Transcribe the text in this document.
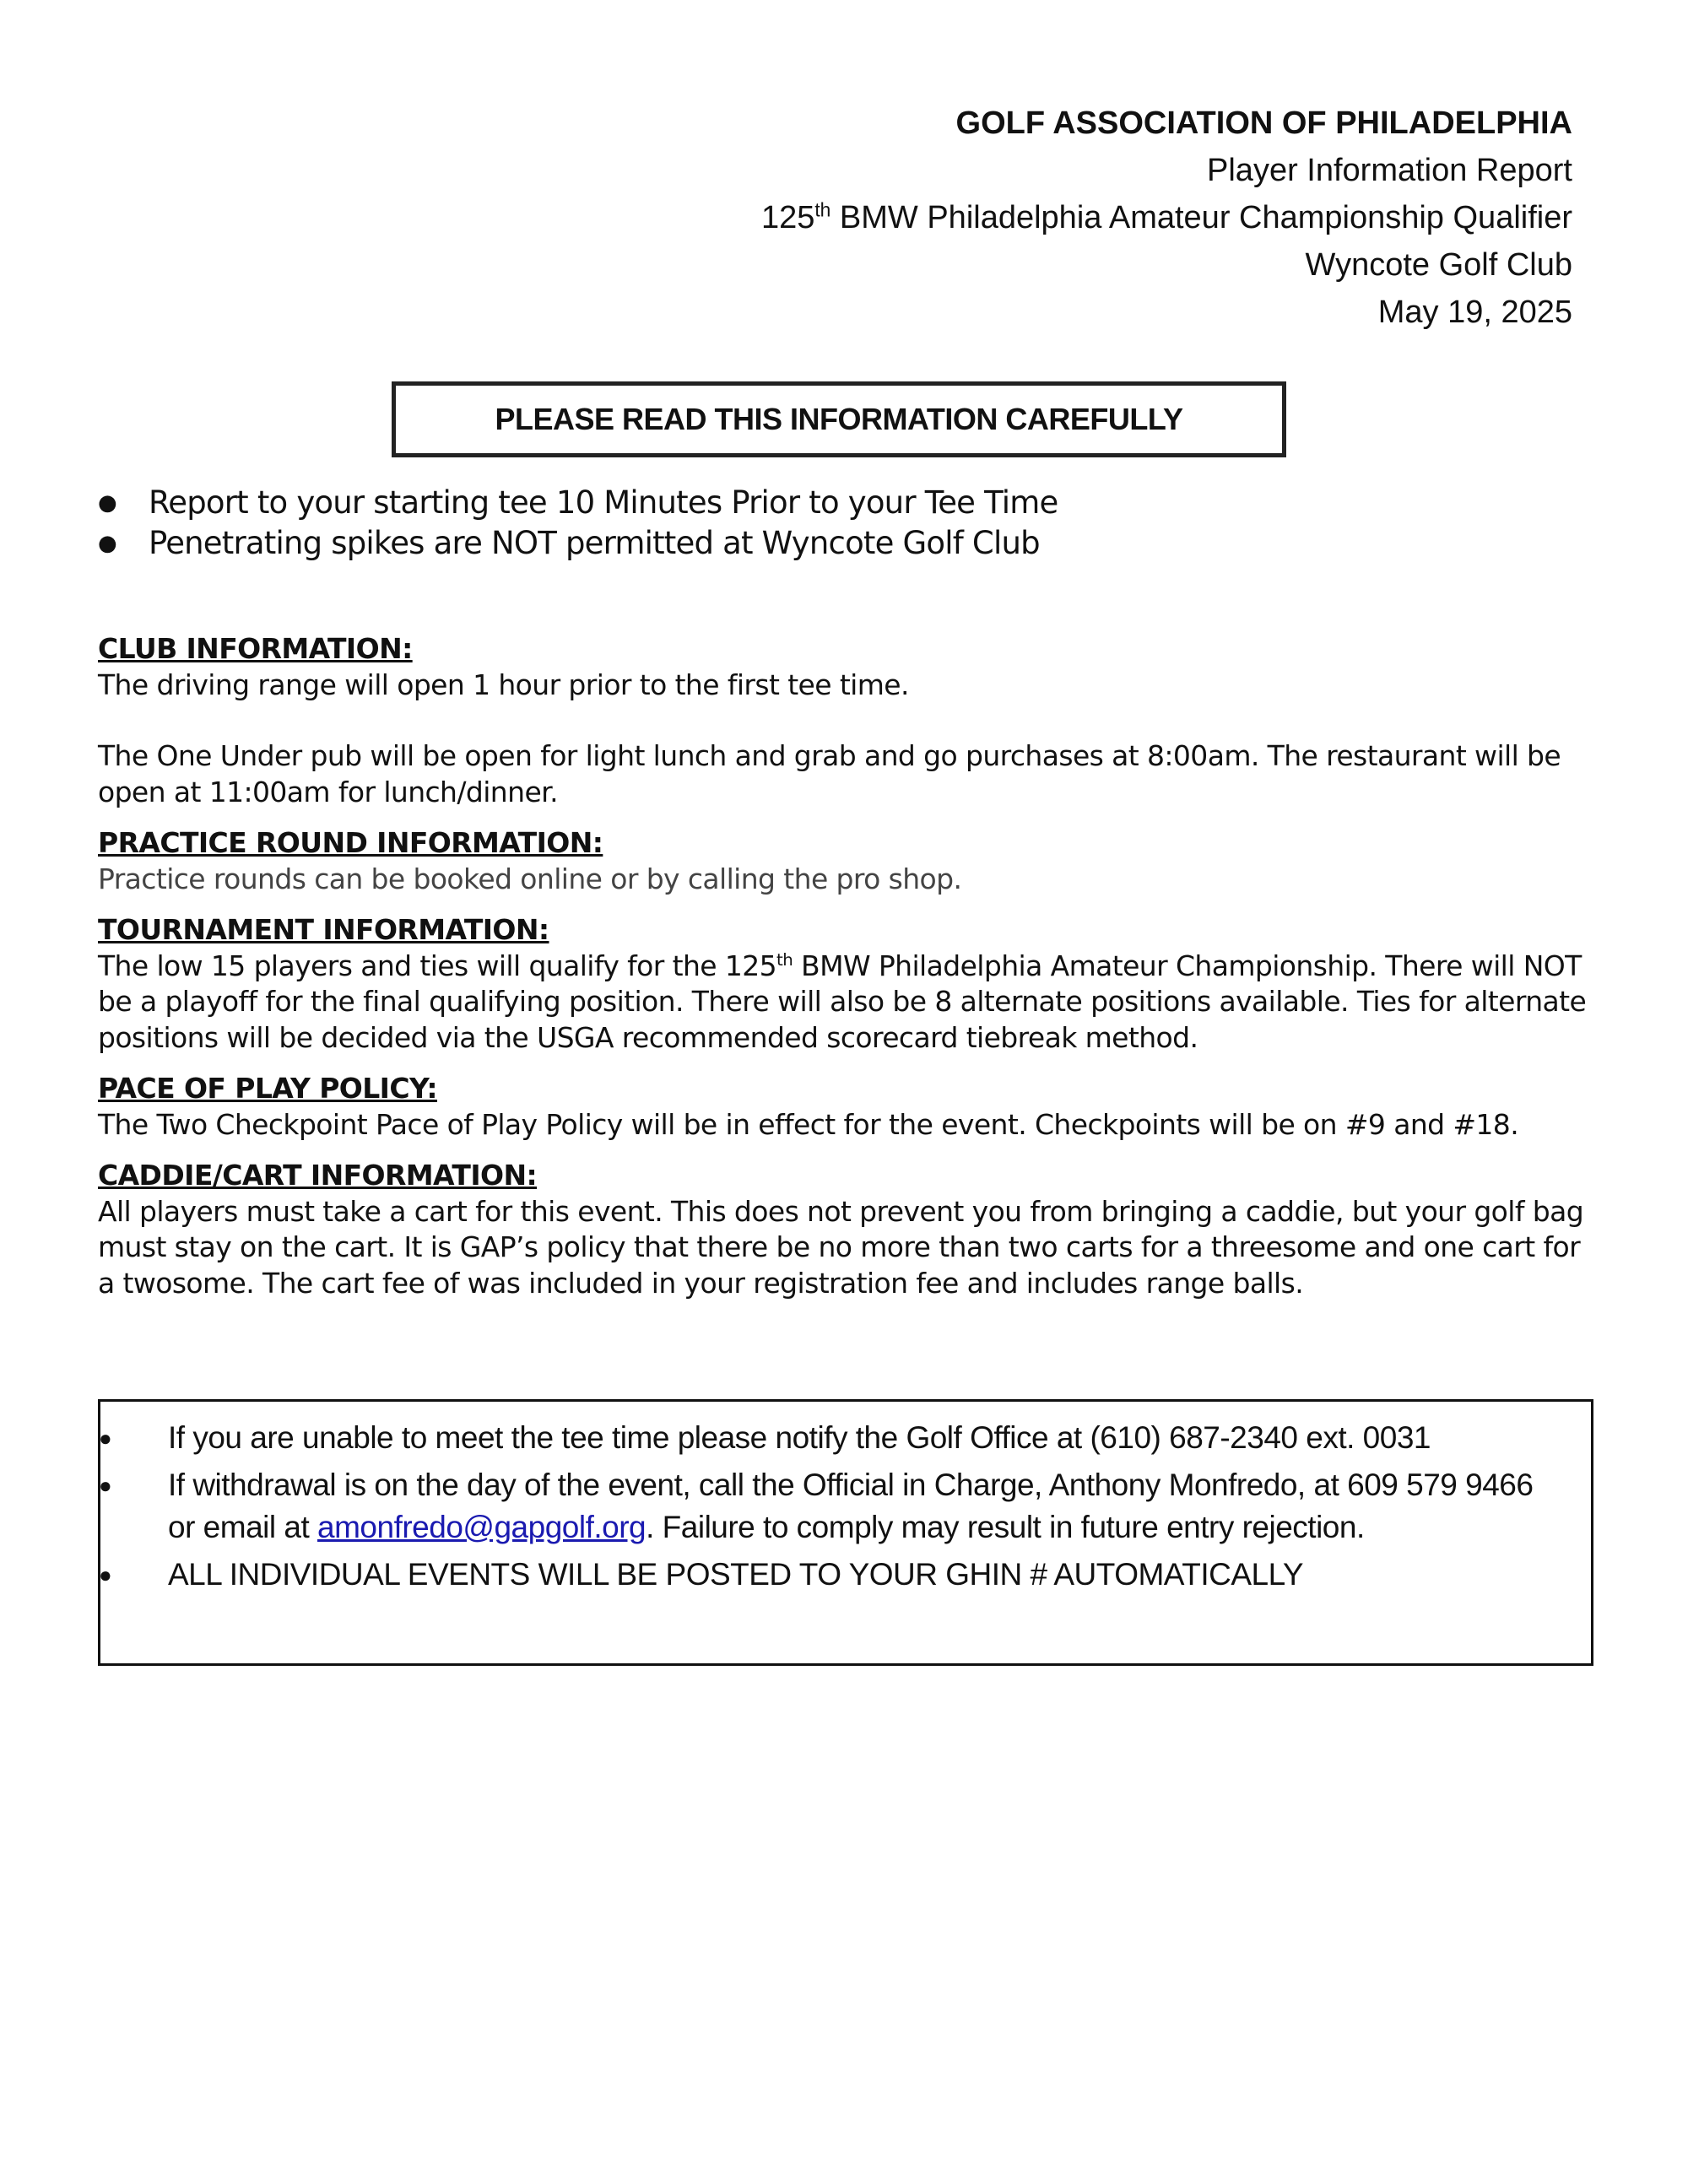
GOLF ASSOCIATION OF PHILADELPHIA
Player Information Report
125th BMW Philadelphia Amateur Championship Qualifier
Wyncote Golf Club
May 19, 2025
PLEASE READ THIS INFORMATION CAREFULLY
● Report to your starting tee 10 Minutes Prior to your Tee Time
● Penetrating spikes are NOT permitted at Wyncote Golf Club
CLUB INFORMATION:

The driving range will open 1 hour prior to the first tee time.

The One Under pub will be open for light lunch and grab and go purchases at 8:00am. The restaurant will be open at 11:00am for lunch/dinner.

PRACTICE ROUND INFORMATION:

Practice rounds can be booked online or by calling the pro shop.

TOURNAMENT INFORMATION:

The low 15 players and ties will qualify for the 125th BMW Philadelphia Amateur Championship. There will NOT be a playoff for the final qualifying position. There will also be 8 alternate positions available. Ties for alternate positions will be decided via the USGA recommended scorecard tiebreak method.

PACE OF PLAY POLICY:

The Two Checkpoint Pace of Play Policy will be in effect for the event. Checkpoints will be on #9 and #18.

CADDIE/CART INFORMATION:

All players must take a cart for this event. This does not prevent you from bringing a caddie, but your golf bag must stay on the cart. It is GAP’s policy that there be no more than two carts for a threesome and one cart for a twosome. The cart fee of was included in your registration fee and includes range balls.

● If you are unable to meet the tee time please notify the Golf Office at (610) 687-2340 ext. 0031
● If withdrawal is on the day of the event, call the Official in Charge, Anthony Monfredo, at 609 579 9466 or email at amonfredo@gapgolf.org. Failure to comply may result in future entry rejection.
● ALL INDIVIDUAL EVENTS WILL BE POSTED TO YOUR GHIN # AUTOMATICALLY
